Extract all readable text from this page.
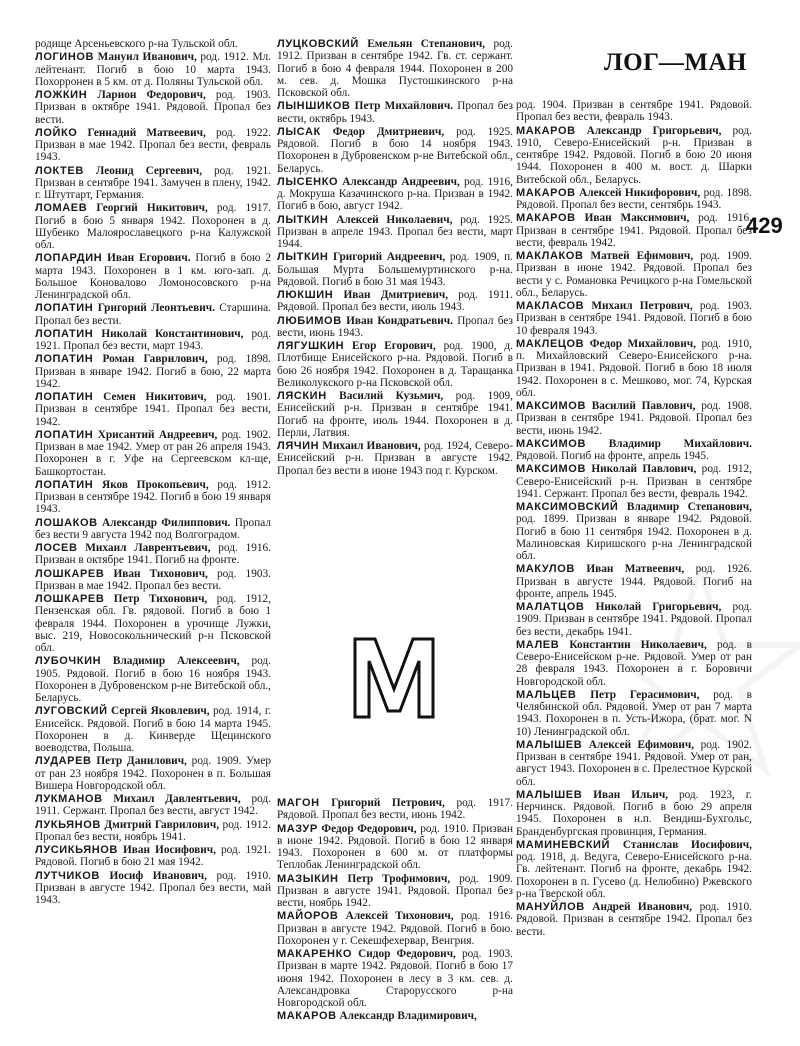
ЛОГ—МАН
429

родище Арсеньевского р-на Тульской обл.

ЛОГИНОВ Мануил Иванович, род. 1912. Мл. лейтенант. Погиб в бою 10 марта 1943. Похорронен в 5 км. от д. Поляны Тульской обл.

ЛОЖКИН Ларион Федорович, род. 1903. Призван в октябре 1941. Рядовой. Пропал без вести.

ЛОЙКО Геннадий Матвеевич, род. 1922. Призван в мае 1942. Пропал без вести, февраль 1943.

ЛОКТЕВ Леонид Сергеевич, род. 1921. Призван в сентябре 1941. Замучен в плену, 1942. г. Штутгарт, Германия.

ЛОМАЕВ Георгий Никитович, род. 1917. Погиб в бою 5 января 1942. Похоронен в д. Шубенко Малоярославецкого р-на Калужской обл.

ЛОПАРДИН Иван Егорович. Погиб в бою 2 марта 1943. Похоронен в 1 км. юго-зап. д. Большое Коновалово Ломоносовского р-на Ленинградской обл.

ЛОПАТИН Григорий Леонтьевич. Старшина. Пропал без вести.

ЛОПАТИН Николай Константинович, род. 1921. Пропал без вести, март 1943.

ЛОПАТИН Роман Гаврилович, род. 1898. Призван в январе 1942. Погиб в бою, 22 марта 1942.

ЛОПАТИН Семен Никитович, род. 1901. Призван в сентябре 1941. Пропал без вести, 1942.

ЛОПАТИН Хрисантий Андреевич, род. 1902. Призван в мае 1942. Умер от ран 26 апреля 1943. Похоронен в г. Уфе на Сергеевском кл-ще, Башкортостан.

ЛОПАТИН Яков Прокопьевич, род. 1912. Призван в сентябре 1942. Погиб в бою 19 января 1943.

ЛОШАКОВ Александр Филиппович. Пропал без вести 9 августа 1942 под Волгоградом.

ЛОСЕВ Михаил Лаврентьевич, род. 1916. Призван в октябре 1941. Погиб на фронте.

ЛОШКАРЕВ Иван Тихонович, род. 1903. Призван в мае 1942. Пропал без вести.

ЛОШКАРЕВ Петр Тихонович, род. 1912, Пензенская обл. Гв. рядовой. Погиб в бою 1 февраля 1944. Похоронен в урочище Лужки, выс. 219, Новосокольнический р-н Псковской обл.

ЛУБОЧКИН Владимир Алексеевич, род. 1905. Рядовой. Погиб в бою 16 ноября 1943. Похоронен в Дубровенском р-не Витебской обл., Беларусь.

ЛУГОВСКИЙ Сергей Яковлевич, род. 1914, г. Енисейск. Рядовой. Погиб в бою 14 марта 1945. Похоронен в д. Кинверде Щецинского воеводства, Польша.

ЛУДАРЕВ Петр Данилович, род. 1909. Умер от ран 23 ноября 1942. Похоронен в п. Большая Вишера Новгородской обл.

ЛУКМАНОВ Михаил Давлентьевич, род. 1911. Сержант. Пропал без вести, август 1942.

ЛУКЬЯНОВ Дмитрий Гаврилович, род. 1912. Пропал без вести, ноябрь 1941.

ЛУСИКЬЯНОВ Иван Иосифович, род. 1921. Рядовой. Погиб в бою 21 мая 1942.

ЛУТЧИКОВ Иосиф Иванович, род. 1910. Призван в августе 1942. Пропал без вести, май 1943.

ЛУЦКОВСКИЙ Емельян Степанович, род. 1912. Призван в сентябре 1942. Гв. ст. сержант. Погиб в бою 4 февраля 1944. Похоронен в 200 м. сев. д. Мошка Пустошкинского р-на Псковской обл.

ЛЫНШИКОВ Петр Михайлович. Пропал без вести, октябрь 1943.

ЛЫСАК Федор Дмитриевич, род. 1925. Рядовой. Погиб в бою 14 ноября 1943. Похоронен в Дубровенском р-не Витебской обл., Беларусь.

ЛЫСЕНКО Александр Андреевич, род. 1916, д. Мокруша Казачинского р-на. Призван в 1942. Погиб в бою, август 1942.

ЛЫТКИН Алексей Николаевич, род. 1925. Призван в апреле 1943. Пропал без вести, март 1944.

ЛЫТКИН Григорий Андреевич, род. 1909, п. Большая Мурта Большемуртинского р-на. Рядовой. Погиб в бою 31 мая 1943.

ЛЮКШИН Иван Дмитриевич, род. 1911. Рядовой. Пропал без вести, июль 1943.

ЛЮБИМОВ Иван Кондратьевич. Пропал без вести, июнь 1943.

ЛЯГУШКИН Егор Егорович, род. 1900, д. Плотбище Енисейского р-на. Рядовой. Погиб в бою 26 ноября 1942. Похоронен в д. Таращанка Великолукского р-на Псковской обл.

ЛЯСКИН Василий Кузьмич, род. 1909, Енисейский р-н. Призван в сентябре 1941. Погиб на фронте, июль 1944. Похоронен в д. Перли, Латвия.

ЛЯЧИН Михаил Иванович, род. 1924, Северо-Енисейский р-н. Призван в августе 1942. Пропал без вести в июне 1943 под г. Курском.

М

МАГОН Григорий Петрович, род. 1917. Рядовой. Пропал без вести, июнь 1942.

МАЗУР Федор Федорович, род. 1910. Призван в июне 1942. Рядовой. Погиб в бою 12 января 1943. Похоронен в 600 м. от платформы Теплобак Ленинградской обл.

МАЗЫКИН Петр Трофимович, род. 1909. Призван в августе 1941. Рядовой. Пропал без вести, ноябрь 1942.

МАЙОРОВ Алексей Тихонович, род. 1916. Призван в августе 1942. Рядовой. Погиб в бою. Похоронен у г. Секешфехервар, Венгрия.

МАКАРЕНКО Сидор Федорович, род. 1903. Призван в марте 1942. Рядовой. Погиб в бою 17 июня 1942. Похоронен в лесу в 3 км. сев. д. Александровка Старорусского р-на Новгородской обл.

МАКАРОВ Александр Владимирович,

род. 1904. Призван в сентябре 1941. Рядовой. Пропал без вести, февраль 1943.

МАКАРОВ Александр Григорьевич, род. 1910, Северо-Енисейский р-н. Призван в сентябре 1942. Рядовой. Погиб в бою 20 июня 1944. Похоронен в 400 м. вост. д. Шарки Витебской обл., Беларусь.

МАКАРОВ Алексей Никифорович, род. 1898. Рядовой. Пропал без вести, сентябрь 1943.

МАКАРОВ Иван Максимович, род. 1916. Призван в сентябре 1941. Рядовой. Пропал без вести, февраль 1942.

МАКЛАКОВ Матвей Ефимович, род. 1909. Призван в июне 1942. Рядовой. Пропал без вести у с. Романовка Речицкого р-на Гомельской обл., Беларусь.

МАКЛАСОВ Михаил Петрович, род. 1903. Призван в сентябре 1941. Рядовой. Погиб в бою 10 февраля 1943.

МАКЛЕЦОВ Федор Михайлович, род. 1910, п. Михайловский Северо-Енисейского р-на. Призван в 1941. Рядовой. Погиб в бою 18 июля 1942. Похоронен в с. Мешково, мог. 74, Курская обл.

МАКСИМОВ Василий Павлович, род. 1908. Призван в сентябре 1941. Рядовой. Пропал без вести, июнь 1942.

МАКСИМОВ Владимир Михайлович. Рядовой. Погиб на фронте, апрель 1945.

МАКСИМОВ Николай Павлович, род. 1912, Северо-Енисейский р-н. Призван в сентябре 1941. Сержант. Пропал без вести, февраль 1942.

МАКСИМОВСКИЙ Владимир Степанович, род. 1899. Призван в январе 1942. Рядовой. Погиб в бою 11 сентября 1942. Похоронен в д. Малиновская Киришского р-на Ленинградской обл.

МАКУЛОВ Иван Матвеевич, род. 1926. Призван в августе 1944. Рядовой. Погиб на фронте, апрель 1945.

МАЛАТЦОВ Николай Григорьевич, род. 1909. Призван в сентябре 1941. Рядовой. Пропал без вести, декабрь 1941.

МАЛЕВ Константин Николаевич, род. в Северо-Енисейском р-не. Рядовой. Умер от ран 28 февраля 1943. Похоронен в г. Боровичи Новгородской обл.

МАЛЬЦЕВ Петр Герасимович, род. в Челябинской обл. Рядовой. Умер от ран 7 марта 1943. Похоронен в п. Усть-Ижора, (брат. мог. N 10) Ленинградской обл.

МАЛЫШЕВ Алексей Ефимович, род. 1902. Призван в сентябре 1941. Рядовой. Умер от ран, август 1943. Похоронен в с. Прелестное Курской обл.

МАЛЫШЕВ Иван Ильич, род. 1923, г. Нерчинск. Рядовой. Погиб в бою 29 апреля 1945. Похоронен в н.п. Вендиш-Бухгольс, Бранденбургская провинция, Германия.

МАМИНЕВСКИЙ Станислав Иосифович, род. 1918, д. Ведуга, Северо-Енисейского р-на. Гв. лейтенант. Погиб на фронте, декабрь 1942. Похоронен в п. Гусево (д. Нелюбино) Ржевского р-на Тверской обл.

МАНУЙЛОВ Андрей Иванович, род. 1910. Рядовой. Призван в сентябре 1942. Пропал без вести.
